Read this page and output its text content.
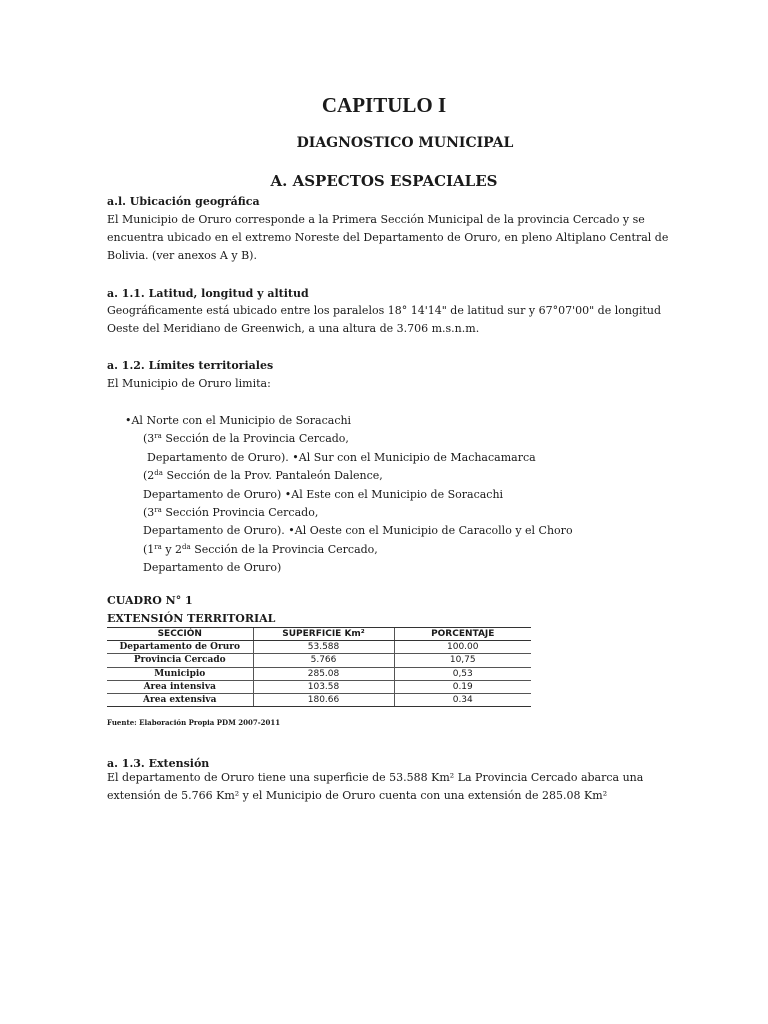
CAPITULO I
DIAGNOSTICO MUNICIPAL
A. ASPECTOS ESPACIALES
a.l. Ubicación geográfica
El Municipio de Oruro corresponde a la Primera Sección Municipal de la provincia Cercado y se
encuentra ubicado en el extremo Noreste del Departamento de Oruro, en pleno Altiplano Central de
Bolivia. (ver anexos A y B).
a. 1.1. Latitud, longitud y altitud
Geográficamente está ubicado entre los paralelos 18° 14'14" de latitud sur y 67°07'00" de longitud
Oeste del Meridiano de Greenwich, a una altura de 3.706 m.s.n.m.
a. 1.2. Límites territoriales
El Municipio de Oruro limita:
•Al Norte con el Municipio de Soracachi
($3^{ra}$ Sección de la Provincia Cercado,
Departamento de Oruro). •Al Sur con el Municipio de Machacamarca
($2^{da}$ Sección de la Prov. Pantaleón Dalence,
Departamento de Oruro) •Al Este con el Municipio de Soracachi
($3^{ra}$ Sección Provincia Cercado,
Departamento de Oruro). •Al Oeste con el Municipio de Caracollo y el Choro
($1^{ra}$ y $2^{da}$ Sección de la Provincia Cercado,
Departamento de Oruro)
CUADRO N° 1
EXTENSIÓN TERRITORIAL
SECCIÓN	SUPERFICIE Km²	PORCENTAJE
Departamento de Oruro	53.588	100.00
Provincia Cercado	5.766	10,75
Municipio	285.08	0,53
Area intensiva	103.58	0.19
Area extensiva	180.66	0.34
Fuente: Elaboración Propia PDM 2007-2011
a. 1.3. Extensión
El departamento de Oruro tiene una superficie de 53.588 Km² La Provincia Cercado abarca una
extensión de 5.766 Km² y el Municipio de Oruro cuenta con una extensión de 285.08 Km²
